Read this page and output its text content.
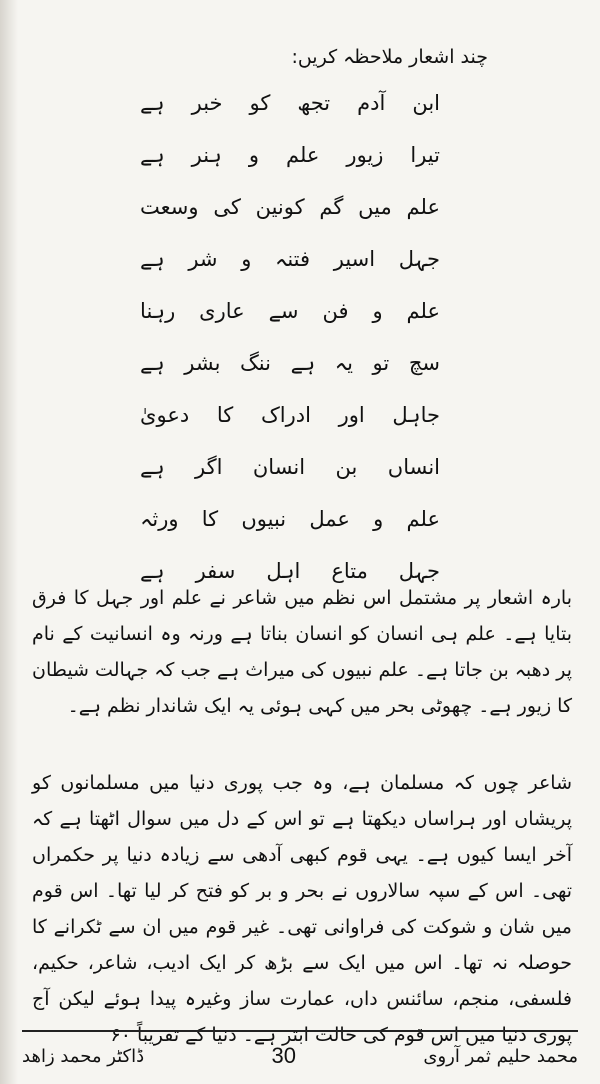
چند اشعار ملاحظہ کریں:
ابن
آدم
تجھ
کو
خبر
ہے
تیرا
زیور
علم
و
ہنر
ہے
علم
میں
گم
کونین
کی
وسعت
جہل
اسیر
فتنہ
و
شر
ہے
علم
و
فن
سے
عاری
رہنا
سچ
تو
یہ
ہے
ننگ
بشر
ہے
جاہل
اور
ادراک
کا
دعویٰ
انساں
بن
انسان
اگر
ہے
علم
و
عمل
نبیوں
کا
ورثہ
جہل
متاع
اہل
سفر
ہے
بارہ اشعار پر مشتمل اس نظم میں شاعر نے علم اور جہل کا فرق بتایا ہے۔ علم ہی انسان کو انسان بناتا ہے ورنہ وہ انسانیت کے نام پر دھبہ بن جاتا ہے۔ علم نبیوں کی میراث ہے جب کہ جہالت شیطان کا زیور ہے۔ چھوٹی بحر میں کہی ہوئی یہ ایک شاندار نظم ہے۔
شاعر چوں کہ مسلمان ہے، وہ جب پوری دنیا میں مسلمانوں کو پریشاں اور ہراساں دیکھتا ہے تو اس کے دل میں سوال اٹھتا ہے کہ آخر ایسا کیوں ہے۔ یہی قوم کبھی آدھی سے زیادہ دنیا پر حکمراں تھی۔ اس کے سپہ سالاروں نے بحر و بر کو فتح کر لیا تھا۔ اس قوم میں شان و شوکت کی فراوانی تھی۔ غیر قوم میں ان سے ٹکرانے کا حوصلہ نہ تھا۔ اس میں ایک سے بڑھ کر ایک ادیب، شاعر، حکیم، فلسفی، منجم، سائنس داں، عمارت ساز وغیرہ پیدا ہوئے لیکن آج پوری دنیا میں اس قوم کی حالت ابتر ہے۔ دنیا کے تقریباً ۶۰
ڈاکٹر محمد زاھد	30	محمد حلیم ثمر آروی
